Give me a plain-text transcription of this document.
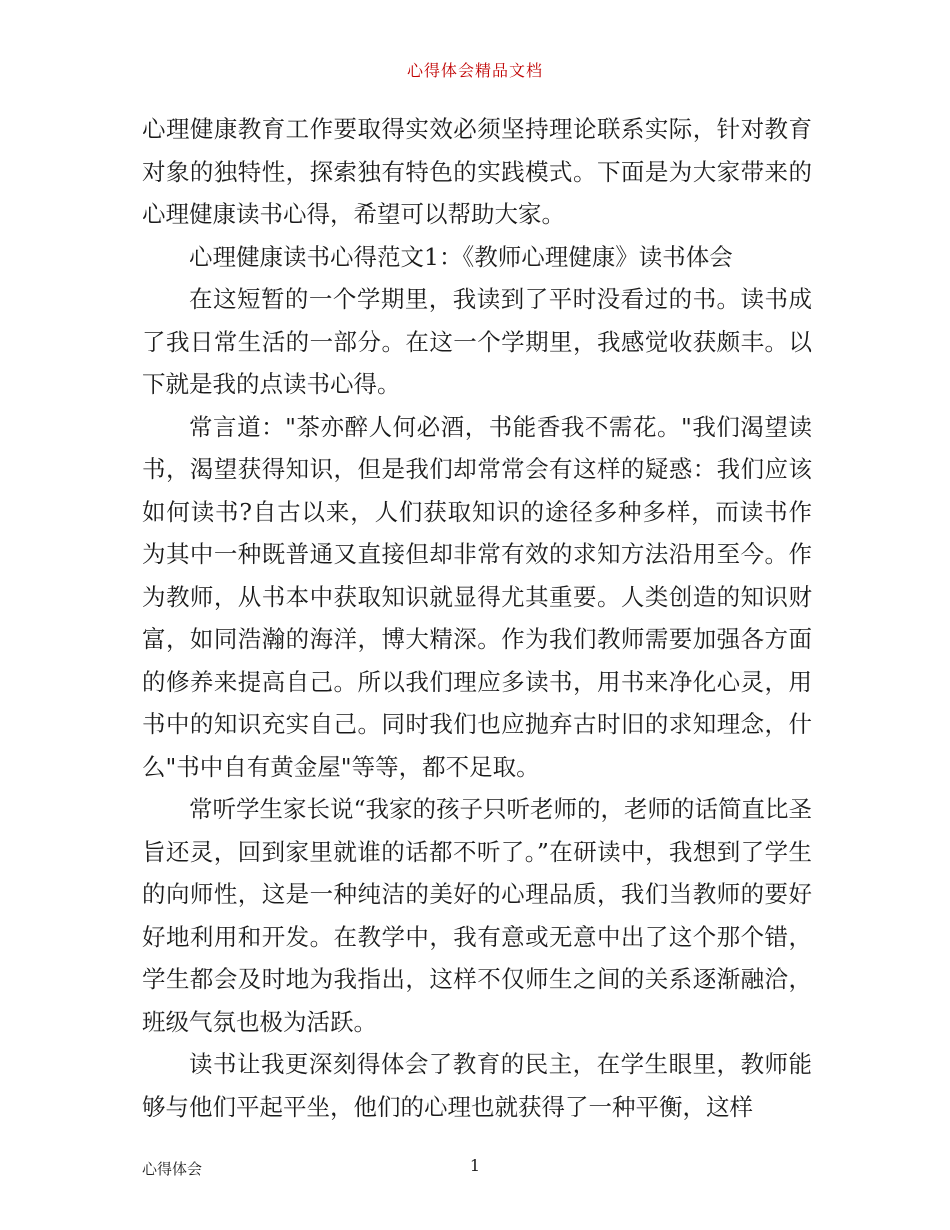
心得体会精品文档

心理健康教育工作要取得实效必须坚持理论联系实际，针对教育对象的独特性，探索独有特色的实践模式。下面是为大家带来的心理健康读书心得，希望可以帮助大家。

心理健康读书心得范文1：《教师心理健康》读书体会

在这短暂的一个学期里，我读到了平时没看过的书。读书成了我日常生活的一部分。在这一个学期里，我感觉收获颇丰。以下就是我的点读书心得。

常言道："茶亦醉人何必酒，书能香我不需花。"我们渴望读书，渴望获得知识，但是我们却常常会有这样的疑惑：我们应该如何读书?自古以来，人们获取知识的途径多种多样，而读书作为其中一种既普通又直接但却非常有效的求知方法沿用至今。作为教师，从书本中获取知识就显得尤其重要。人类创造的知识财富，如同浩瀚的海洋，博大精深。作为我们教师需要加强各方面的修养来提高自己。所以我们理应多读书，用书来净化心灵，用书中的知识充实自己。同时我们也应抛弃古时旧的求知理念，什么"书中自有黄金屋"等等，都不足取。

常听学生家长说“我家的孩子只听老师的，老师的话简直比圣旨还灵，回到家里就谁的话都不听了。”在研读中，我想到了学生的向师性，这是一种纯洁的美好的心理品质，我们当教师的要好好地利用和开发。在教学中，我有意或无意中出了这个那个错，学生都会及时地为我指出，这样不仅师生之间的关系逐渐融洽，班级气氛也极为活跃。

读书让我更深刻得体会了教育的民主，在学生眼里，教师能够与他们平起平坐，他们的心理也就获得了一种平衡，这样

心得体会	1
